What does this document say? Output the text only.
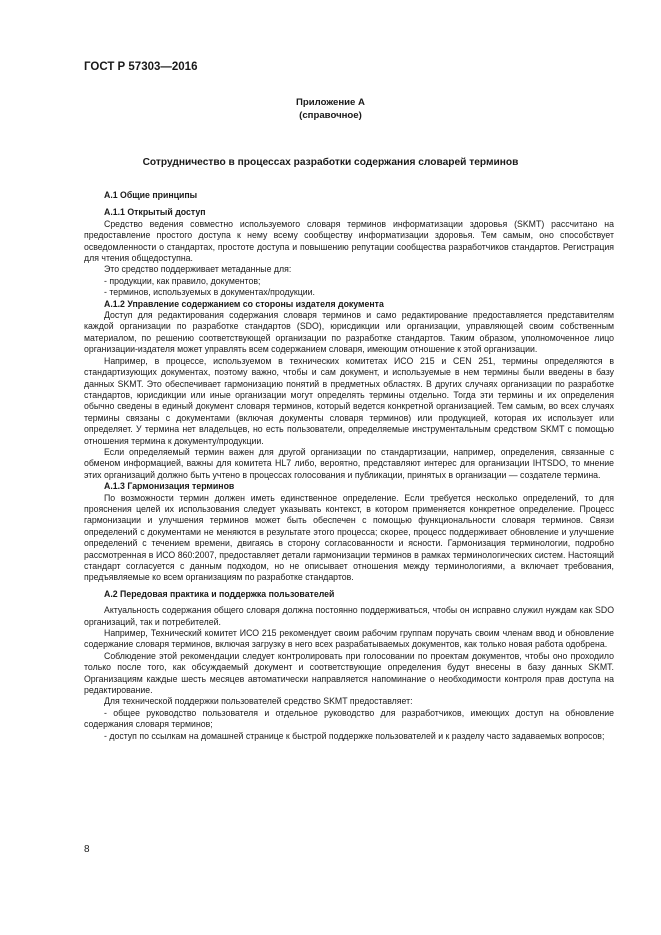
ГОСТ Р 57303—2016
Приложение А
(справочное)
Сотрудничество в процессах разработки содержания словарей терминов

А.1 Общие принципы

А.1.1 Открытый доступ

Средство ведения совместно используемого словаря терминов информатизации здоровья (SKMT) рассчитано на предоставление простого доступа к нему всему сообществу информатизации здоровья. Тем самым, оно способствует осведомленности о стандартах, простоте доступа и повышению репутации сообщества разработчиков стандартов. Регистрация для чтения общедоступна.

Это средство поддерживает метаданные для:

- продукции, как правило, документов;

- терминов, используемых в документах/продукции.

А.1.2 Управление содержанием со стороны издателя документа

Доступ для редактирования содержания словаря терминов и само редактирование предоставляется представителям каждой организации по разработке стандартов (SDO), юрисдикции или организации, управляющей своим собственным материалом, по решению соответствующей организации по разработке стандартов. Таким образом, уполномоченное лицо организации-издателя может управлять всем содержанием словаря, имеющим отношение к этой организации.

Например, в процессе, используемом в технических комитетах ИСО 215 и CEN 251, термины определяются в стандартизующих документах, поэтому важно, чтобы и сам документ, и используемые в нем термины были введены в базу данных SKMT. Это обеспечивает гармонизацию понятий в предметных областях. В других случаях организации по разработке стандартов, юрисдикции или иные организации могут определять термины отдельно. Тогда эти термины и их определения обычно сведены в единый документ словаря терминов, который ведется конкретной организацией. Тем самым, во всех случаях термины связаны с документами (включая документы словаря терминов) или продукцией, которая их использует или определяет. У термина нет владельцев, но есть пользователи, определяемые инструментальным средством SKMT с помощью отношения термина к документу/продукции.

Если определяемый термин важен для другой организации по стандартизации, например, определения, связанные с обменом информацией, важны для комитета HL7 либо, вероятно, представляют интерес для организации IHTSDO, то мнение этих организаций должно быть учтено в процессах голосования и публикации, принятых в организации — создателе термина.

А.1.3 Гармонизация терминов

По возможности термин должен иметь единственное определение. Если требуется несколько определений, то для прояснения целей их использования следует указывать контекст, в котором применяется конкретное определение. Процесс гармонизации и улучшения терминов может быть обеспечен с помощью функциональности словаря терминов. Связи определений с документами не меняются в результате этого процесса; скорее, процесс поддерживает обновление и улучшение определений с течением времени, двигаясь в сторону согласованности и ясности. Гармонизация терминологии, подробно рассмотренная в ИСО 860:2007, предоставляет детали гармонизации терминов в рамках терминологических систем. Настоящий стандарт согласуется с данным подходом, но не описывает отношения между терминологиями, а включает требования, предъявляемые ко всем организациям по разработке стандартов.

А.2 Передовая практика и поддержка пользователей

Актуальность содержания общего словаря должна постоянно поддерживаться, чтобы он исправно служил нуждам как SDO организаций, так и потребителей.

Например, Технический комитет ИСО 215 рекомендует своим рабочим группам поручать своим членам ввод и обновление содержание словаря терминов, включая загрузку в него всех разрабатываемых документов, как только новая работа одобрена.

Соблюдение этой рекомендации следует контролировать при голосовании по проектам документов, чтобы оно проходило только после того, как обсуждаемый документ и соответствующие определения будут внесены в базу данных SKMT. Организациям каждые шесть месяцев автоматически направляется напоминание о необходимости контроля прав доступа на редактирование.

Для технической поддержки пользователей средство SKMT предоставляет:

- общее руководство пользователя и отдельное руководство для разработчиков, имеющих доступ на обновление содержания словаря терминов;

- доступ по ссылкам на домашней странице к быстрой поддержке пользователей и к разделу часто задаваемых вопросов;

8
